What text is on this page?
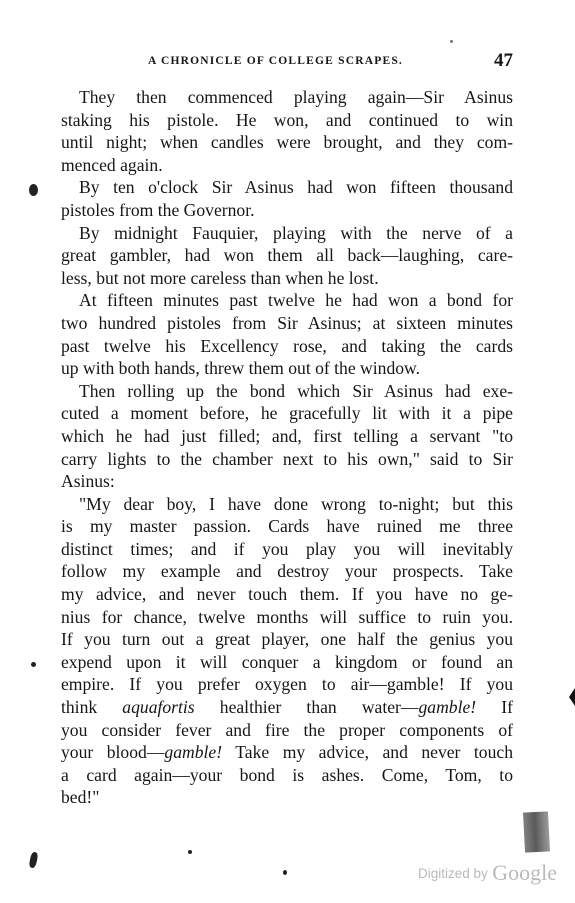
A CHRONICLE OF COLLEGE SCRAPES.	47
They then commenced playing again—Sir Asinus
staking his pistole. He won, and continued to win
until night; when candles were brought, and they com-
menced again.
By ten o'clock Sir Asinus had won fifteen thousand
pistoles from the Governor.
By midnight Fauquier, playing with the nerve of a
great gambler, had won them all back—laughing, care-
less, but not more careless than when he lost.
At fifteen minutes past twelve he had won a bond for
two hundred pistoles from Sir Asinus; at sixteen minutes
past twelve his Excellency rose, and taking the cards
up with both hands, threw them out of the window.
Then rolling up the bond which Sir Asinus had exe-
cuted a moment before, he gracefully lit with it a pipe
which he had just filled; and, first telling a servant "to
carry lights to the chamber next to his own," said to Sir
Asinus:
"My dear boy, I have done wrong to-night; but this
is my master passion. Cards have ruined me three
distinct times; and if you play you will inevitably
follow my example and destroy your prospects. Take
my advice, and never touch them. If you have no ge-
nius for chance, twelve months will suffice to ruin you.
If you turn out a great player, one half the genius you
expend upon it will conquer a kingdom or found an
empire. If you prefer oxygen to air—gamble! If you
think aquafortis healthier than water—gamble! If
you consider fever and fire the proper components of
your blood—gamble! Take my advice, and never touch
a card again—your bond is ashes. Come, Tom, to
bed!"
Digitized by Google
